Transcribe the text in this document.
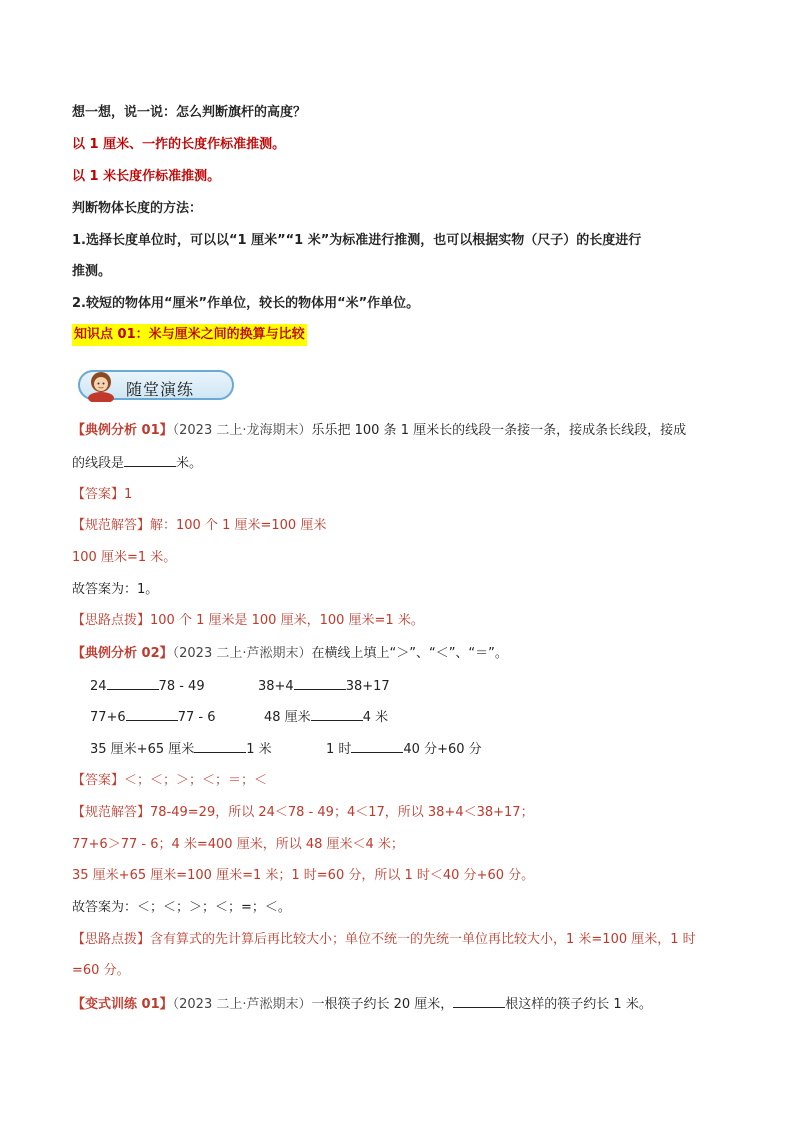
想一想，说一说：怎么判断旗杆的高度？
以 1 厘米、一拃的长度作标准推测。
以 1 米长度作标准推测。
判断物体长度的方法：
1.选择长度单位时，可以以“1 厘米”“1 米”为标准进行推测，也可以根据实物（尺子）的长度进行
推测。
2.较短的物体用“厘米”作单位，较长的物体用“米”作单位。
知识点 01：米与厘米之间的换算与比较
随堂演练
【典例分析 01】（2023 二上·龙海期末）乐乐把 100 条 1 厘米长的线段一条接一条，接成条长线段，接成
的线段是	米。
【答案】1
【规范解答】解：100 个 1 厘米=100 厘米
100 厘米=1 米。
故答案为：1。
【思路点拨】100 个 1 厘米是 100 厘米，100 厘米=1 米。
【典例分析 02】（2023 二上·芦淞期末）在横线上填上“＞”、“＜”、“＝”。
24	78 - 49	38+4	38+17
77+6	77 - 6	48 厘米	4 米
35 厘米+65 厘米	1 米	1 时	40 分+60 分
【答案】＜；＜；＞；＜；＝；＜
【规范解答】78-49=29，所以 24＜78 - 49；4＜17，所以 38+4＜38+17；
77+6＞77 - 6；4 米=400 厘米，所以 48 厘米＜4 米；
35 厘米+65 厘米=100 厘米=1 米；1 时=60 分，所以 1 时＜40 分+60 分。
故答案为：＜；＜；＞；＜；=；＜。
【思路点拨】含有算式的先计算后再比较大小；单位不统一的先统一单位再比较大小，1 米=100 厘米，1 时
=60 分。
【变式训练 01】（2023 二上·芦淞期末）一根筷子约长 20 厘米，	根这样的筷子约长 1 米。
